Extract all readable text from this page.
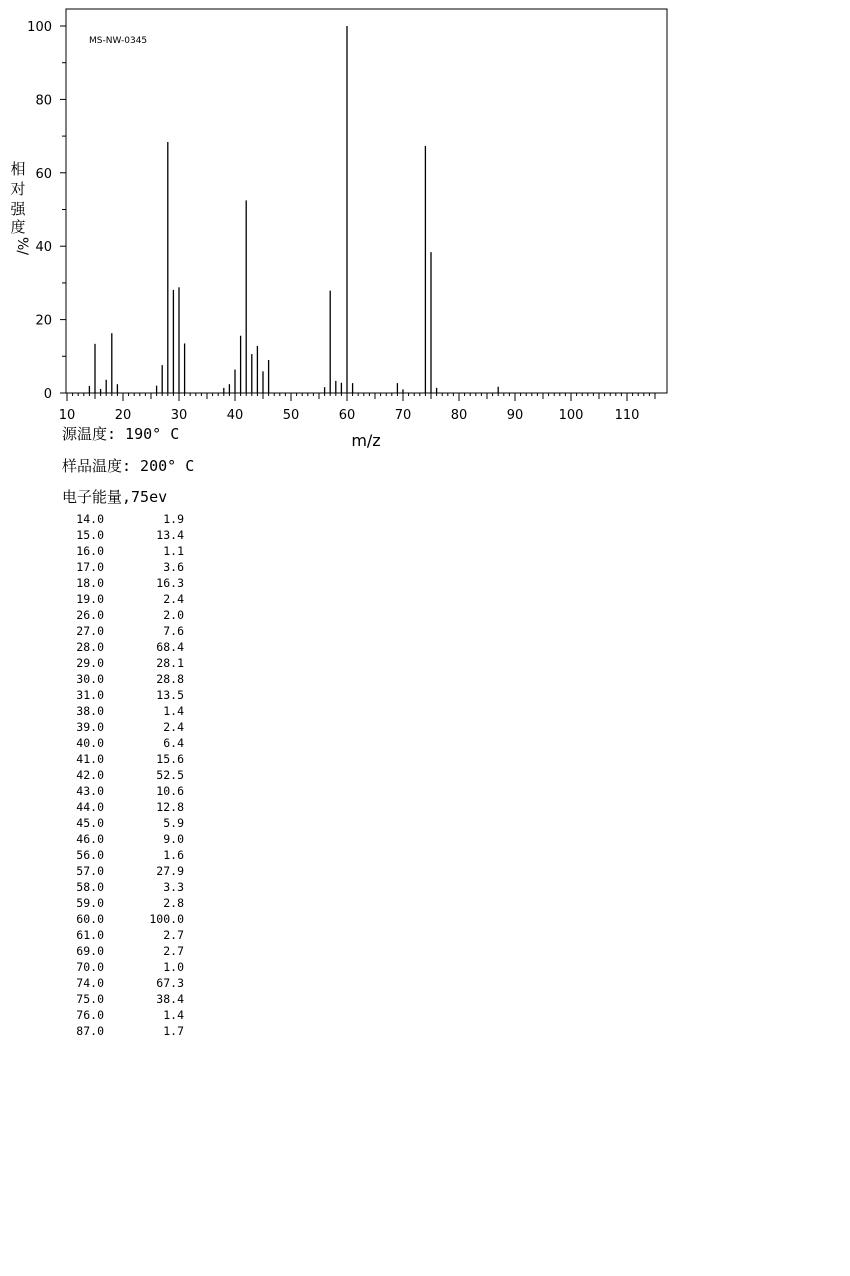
0
20
40
60
80
100
10	20	30	40	50	60	70	80	90	100 110
MS-NW-0345
m/z
相
对
强
度
%/
源温度: 190° C
样品温度: 200° C
电子能量,75ev
14.0	1.9
15.0	13.4
16.0	1.1
17.0	3.6
18.0	16.3
19.0	2.4
26.0	2.0
27.0	7.6
28.0	68.4
29.0	28.1
30.0	28.8
31.0	13.5
38.0	1.4
39.0	2.4
40.0	6.4
41.0	15.6
42.0	52.5
43.0	10.6
44.0	12.8
45.0	5.9
46.0	9.0
56.0	1.6
57.0	27.9
58.0	3.3
59.0	2.8
60.0	100.0
61.0	2.7
69.0	2.7
70.0	1.0
74.0	67.3
75.0	38.4
76.0	1.4
87.0	1.7
